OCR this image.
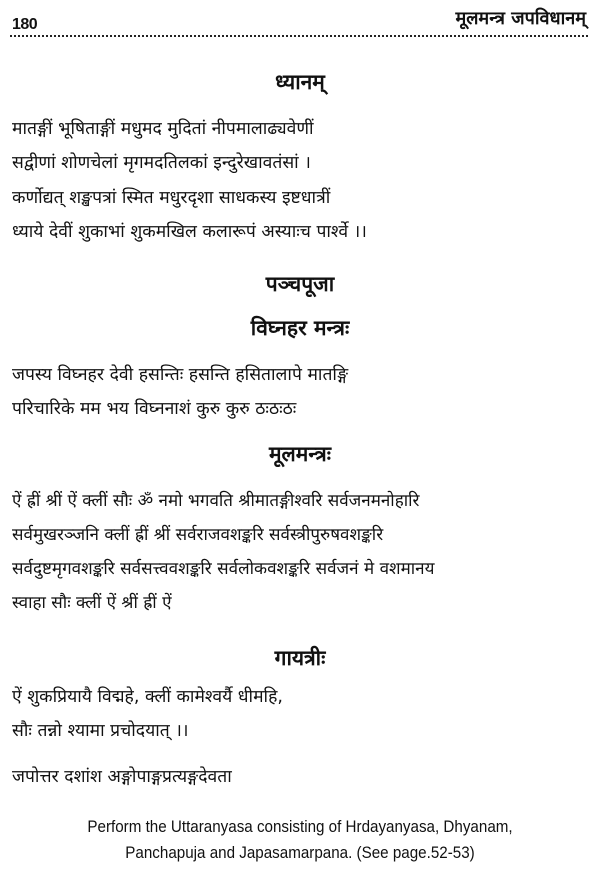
180	मूलमन्त्र जपविधानम्
ध्यानम्
मातङ्गीं भूषिताङ्गीं मधुमद मुदितां नीपमालाढ्यवेणीं
सद्वीणां शोणचेलां मृगमदतिलकां इन्दुरेखावतंसां ।
कर्णोद्यत् शङ्खपत्रां स्मित मधुरदृशा साधकस्य इष्टधात्रीं
ध्याये देवीं शुकाभां शुकमखिल कलारूपं अस्याःच पार्श्वे ।।
पञ्चपूजा
विघ्नहर मन्त्रः
जपस्य विघ्नहर देवी हसन्तिः हसन्ति हसितालापे मातङ्गि
परिचारिके मम भय विघ्ननाशं कुरु कुरु ठःठःठः
मूलमन्त्रः
ऐं ह्रीं श्रीं ऐं क्लीं सौः ॐ नमो भगवति श्रीमातङ्गीश्वरि सर्वजनमनोहारि
सर्वमुखरञ्जनि क्लीं ह्रीं श्रीं सर्वराजवशङ्करि सर्वस्त्रीपुरुषवशङ्करि
सर्वदुष्टमृगवशङ्करि सर्वसत्त्ववशङ्करि सर्वलोकवशङ्करि सर्वजनं मे वशमानय
स्वाहा सौः क्लीं ऐं श्रीं ह्रीं ऐं
गायत्रीः
ऐं शुकप्रियायै विद्महे, क्लीं कामेश्वर्यै धीमहि,
सौः तन्नो श्यामा प्रचोदयात् ।।
जपोत्तर दशांश अङ्गोपाङ्गप्रत्यङ्गदेवता
Perform the Uttaranyasa consisting of Hrdayanyasa, Dhyanam,
Panchapuja and Japasamarpana. (See page.52-53)
